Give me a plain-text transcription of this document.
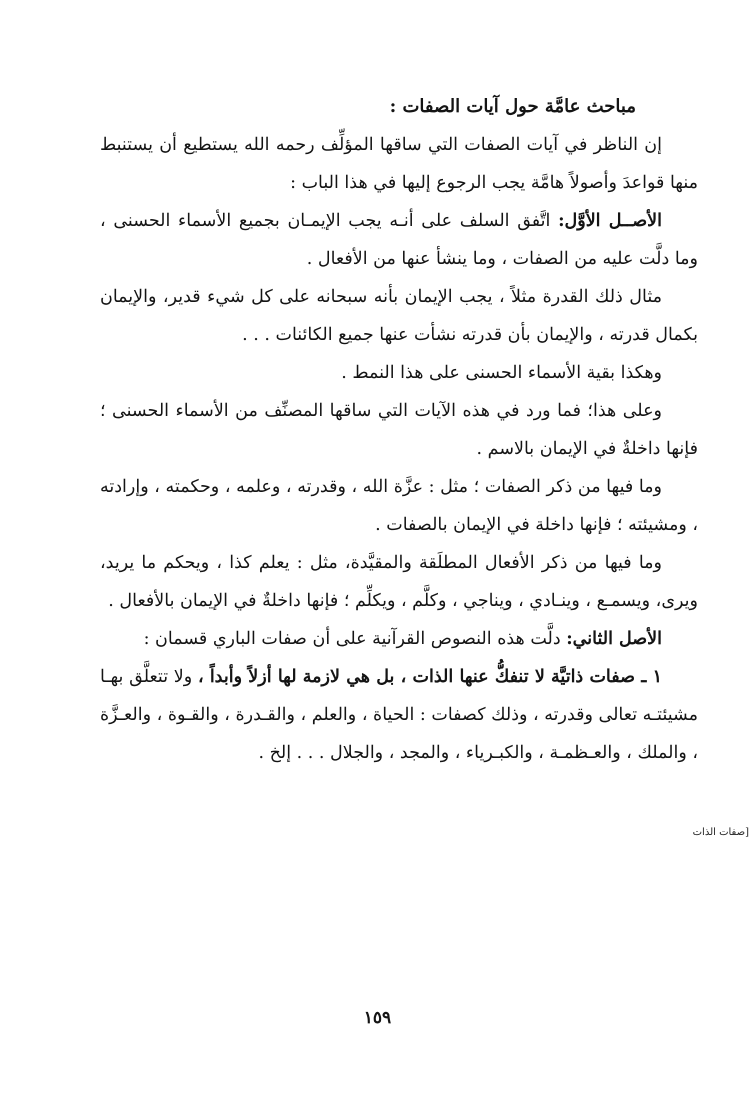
مباحث عامَّة حول آيات الصفات :

إن الناظر في آيات الصفات التي ساقها المؤلِّف رحمه الله يستطيع أن يستنبط منها قواعدَ وأصولاً هامَّة يجب الرجوع إليها في هذا الباب :

الأصــل الأوَّل: اتَّفق السلف على أنـه يجب الإيمـان بجميع الأسماء الحسنى ، وما دلَّت عليه من الصفات ، وما ينشأ عنها من الأفعال .

مثال ذلك القدرة مثلاً ، يجب الإيمان بأنه سبحانه على كل شيء قدير، والإيمان بكمال قدرته ، والإيمان بأن قدرته نشأت عنها جميع الكائنات . . .

وهكذا بقية الأسماء الحسنى على هذا النمط .

وعلى هذا؛ فما ورد في هذه الآيات التي ساقها المصنِّف من الأسماء الحسنى ؛ فإنها داخلةٌ في الإيمان بالاسم .

وما فيها من ذكر الصفات ؛ مثل : عزَّة الله ، وقدرته ، وعلمه ، وحكمته ، وإرادته ، ومشيئته ؛ فإنها داخلة في الإيمان بالصفات .

وما فيها من ذكر الأفعال المطلَقة والمقيَّدة، مثل : يعلم كذا ، ويحكم ما يريد، ويرى، ويسمـع ، وينـادي ، ويناجي ، وكلَّم ، ويكلِّم ؛ فإنها داخلةٌ في الإيمان بالأفعال .

الأصل الثاني: دلَّت هذه النصوص القرآنية على أن صفات الباري قسمان :

١ ـ صفات ذاتيَّة لا تنفكُّ عنها الذات ، بل هي لازمة لها أزلاً وأبداً ، ولا تتعلَّق بهـا مشيئتـه تعالى وقدرته ، وذلك كصفات : الحياة ، والعلم ، والقـدرة ، والقـوة ، والعـزَّة ، والملك ، والعـظمـة ، والكبـرياء ، والمجد ، والجلال . . . إلخ .

[صفات الذات
١٥٩
